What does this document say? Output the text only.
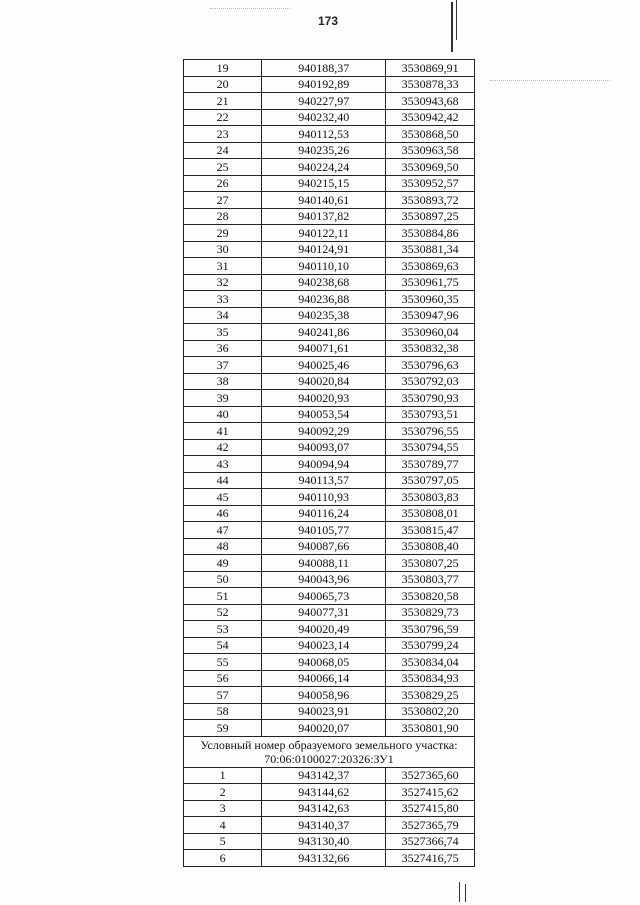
173
19	940188,37	3530869,91
20	940192,89	3530878,33
21	940227,97	3530943,68
22	940232,40	3530942,42
23	940112,53	3530868,50
24	940235,26	3530963,58
25	940224,24	3530969,50
26	940215,15	3530952,57
27	940140,61	3530893,72
28	940137,82	3530897,25
29	940122,11	3530884,86
30	940124,91	3530881,34
31	940110,10	3530869,63
32	940238,68	3530961,75
33	940236,88	3530960,35
34	940235,38	3530947,96
35	940241,86	3530960,04
36	940071,61	3530832,38
37	940025,46	3530796,63
38	940020,84	3530792,03
39	940020,93	3530790,93
40	940053,54	3530793,51
41	940092,29	3530796,55
42	940093,07	3530794,55
43	940094,94	3530789,77
44	940113,57	3530797,05
45	940110,93	3530803,83
46	940116,24	3530808,01
47	940105,77	3530815,47
48	940087,66	3530808,40
49	940088,11	3530807,25
50	940043,96	3530803,77
51	940065,73	3530820,58
52	940077,31	3530829,73
53	940020,49	3530796,59
54	940023,14	3530799,24
55	940068,05	3530834,04
56	940066,14	3530834,93
57	940058,96	3530829,25
58	940023,91	3530802,20
59	940020,07	3530801,90
Условный номер образуемого земельного участка: 70:06:0100027:20326:ЗУ1		
1	943142,37	3527365,60
2	943144,62	3527415,62
3	943142,63	3527415,80
4	943140,37	3527365,79
5	943130,40	3527366,74
6	943132,66	3527416,75
